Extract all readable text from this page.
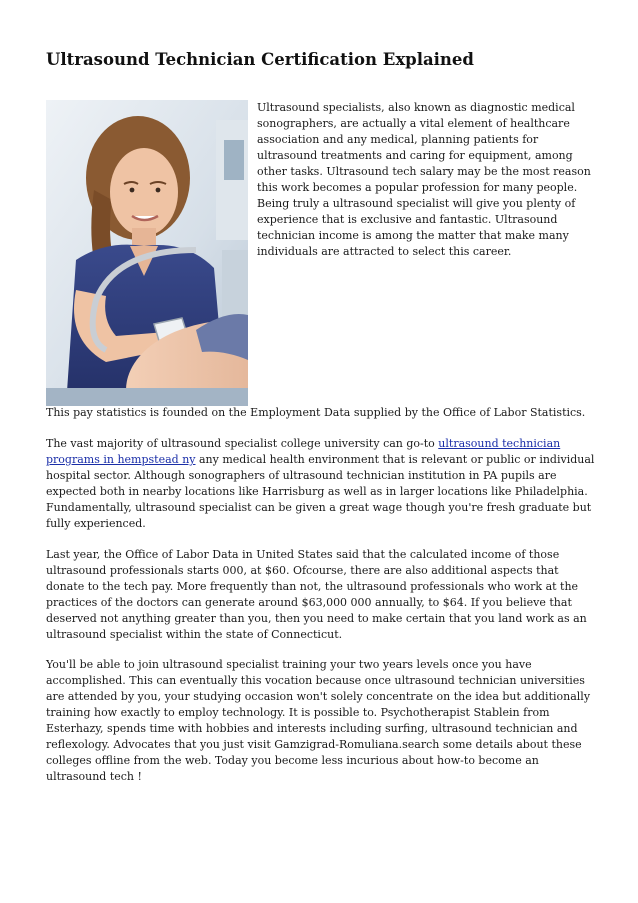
Ultrasound Technician Certification Explained

Ultrasound specialists, also known as diagnostic medical sonographers, are actually a vital element of healthcare association and any medical, planning patients for ultrasound treatments and caring for equipment, among other tasks. Ultrasound tech salary may be the most reason this work becomes a popular profession for many people. Being truly a ultrasound specialist will give you plenty of experience that is exclusive and fantastic. Ultrasound technician income is among the matter that make many individuals are attracted to select this career.

This pay statistics is founded on the Employment Data supplied by the Office of Labor Statistics.

The vast majority of ultrasound specialist college university can go-to ultrasound technician programs in hempstead ny any medical health environment that is relevant or public or individual hospital sector. Although sonographers of ultrasound technician institution in PA pupils are expected both in nearby locations like Harrisburg as well as in larger locations like Philadelphia. Fundamentally, ultrasound specialist can be given a great wage though you're fresh graduate but fully experienced.

Last year, the Office of Labor Data in United States said that the calculated income of those ultrasound professionals starts 000, at $60. Ofcourse, there are also additional aspects that donate to the tech pay. More frequently than not, the ultrasound professionals who work at the practices of the doctors can generate around $63,000 000 annually, to $64. If you believe that deserved not anything greater than you, then you need to make certain that you land work as an ultrasound specialist within the state of Connecticut.

You'll be able to join ultrasound specialist training your two years levels once you have accomplished. This can eventually this vocation because once ultrasound technician universities are attended by you, your studying occasion won't solely concentrate on the idea but additionally training how exactly to employ technology. It is possible to. Psychotherapist Stablein from Esterhazy, spends time with hobbies and interests including surfing, ultrasound technician and reflexology. Advocates that you just visit Gamzigrad-Romuliana.search some details about these colleges offline from the web. Today you become less incurious about how-to become an ultrasound tech !
